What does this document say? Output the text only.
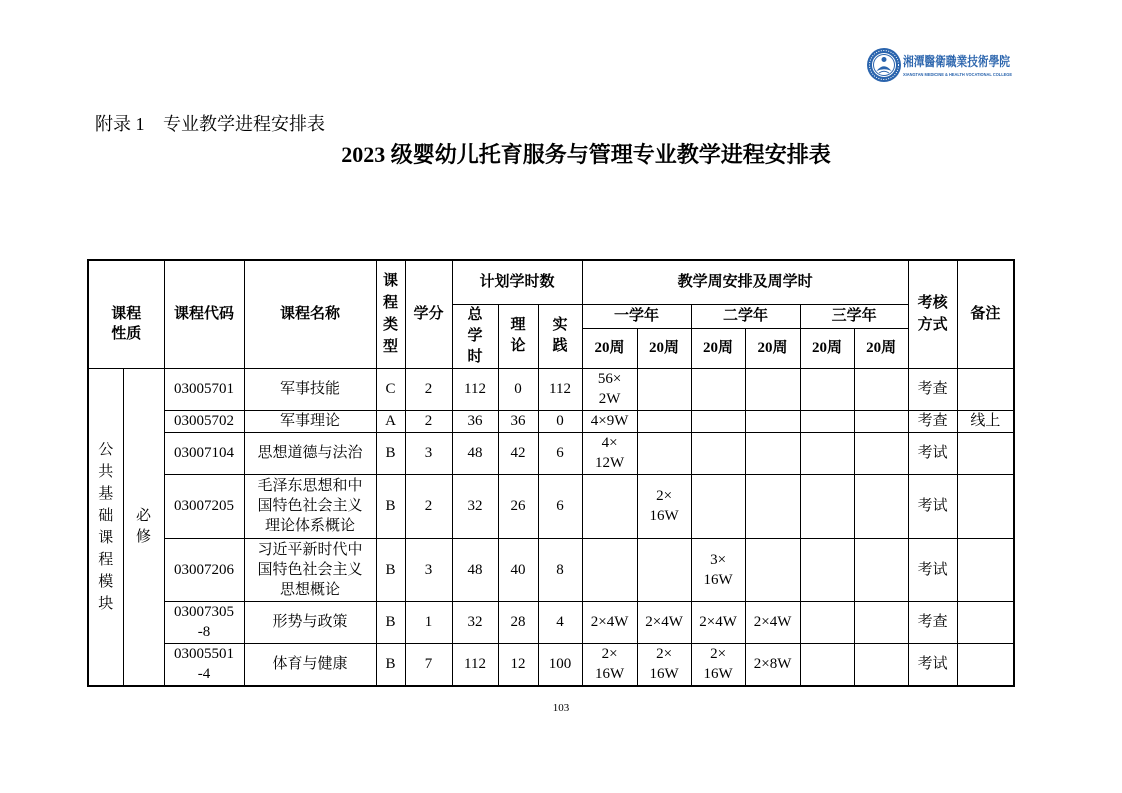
湘潭醫衛職業技術學院
XIANGTAN MEDICINE & HEALTH VOCATIONAL COLLEGE
附录 1 专业教学进程安排表
2023 级婴幼儿托育服务与管理专业教学进程安排表
课程性质		课程代码	课程名称	课程类型	学分	计划学时数			教学周安排及周学时						考核方式	备注
						总学时	理论	实践	一学年		二学年		三学年			
									20周	20周	20周	20周	20周	20周		
公共基础课程模块	必修	03005701	军事技能	C	2	112	0	112	56×
2W						考查	
		03005702	军事理论	A	2	36	36	0	4×9W						考查	线上
		03007104	思想道德与法治	B	3	48	42	6	4×
12W						考试	
		03007205	毛泽东思想和中国特色社会主义理论体系概论	B	2	32	26	6		2×
16W					考试	
		03007206	习近平新时代中国特色社会主义思想概论	B	3	48	40	8			3×
16W				考试	
		03007305
-8	形势与政策	B	1	32	28	4	2×4W	2×4W	2×4W	2×4W			考查	
		03005501
-4	体育与健康	B	7	112	12	100	2×
16W	2×
16W	2×
16W	2×8W			考试	
103
